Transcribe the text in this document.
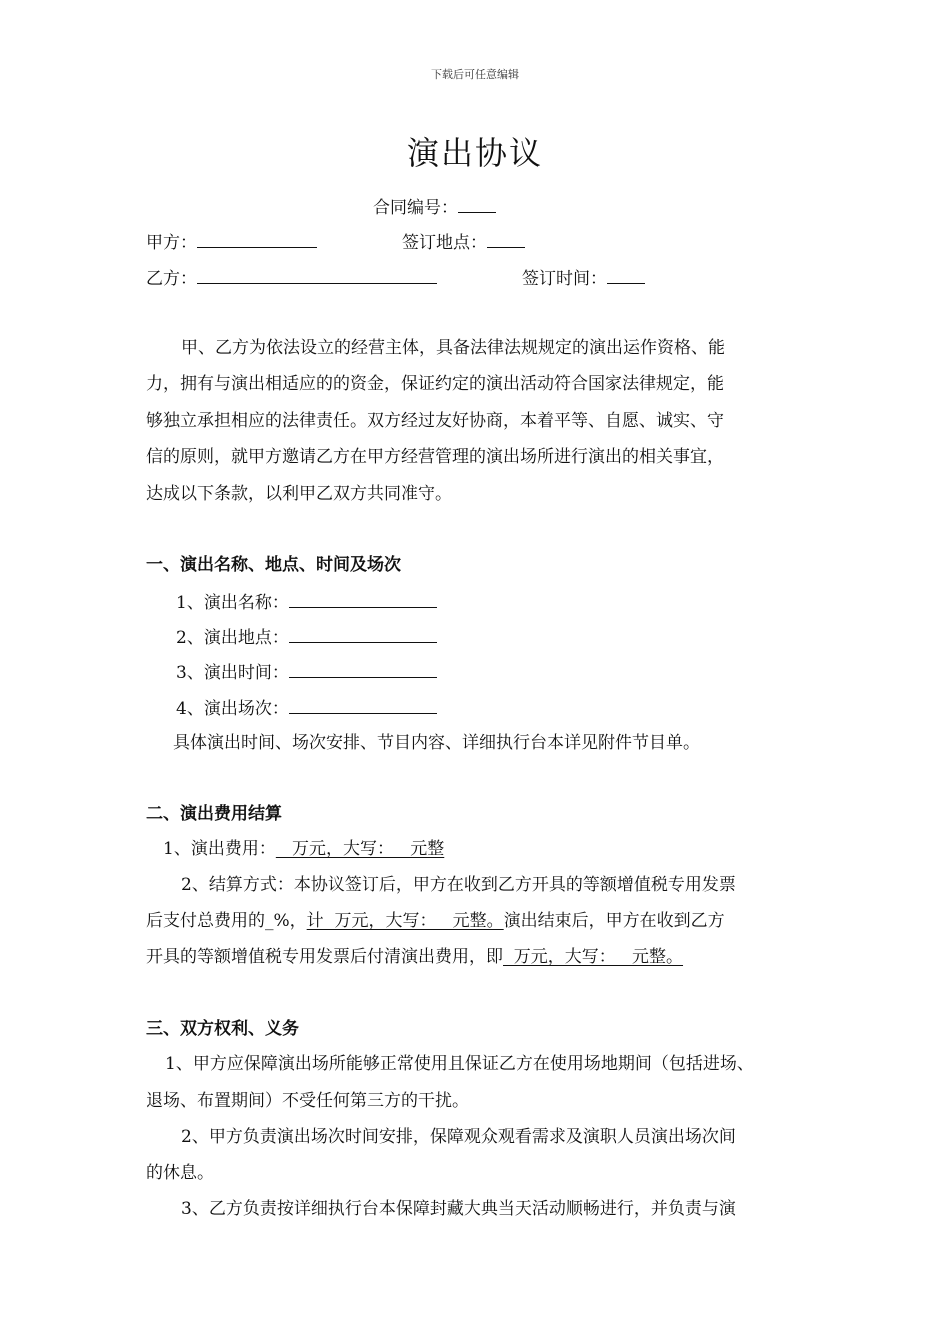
下载后可任意编辑
演出协议
合同编号：
甲方：	签订地点：
乙方：	签订时间：
甲、乙方为依法设立的经营主体，具备法律法规规定的演出运作资格、能
力，拥有与演出相适应的的资金，保证约定的演出活动符合国家法律规定，能
够独立承担相应的法律责任。双方经过友好协商，本着平等、自愿、诚实、守
信的原则，就甲方邀请乙方在甲方经营管理的演出场所进行演出的相关事宜，
达成以下条款，以利甲乙双方共同准守。
一、演出名称、地点、时间及场次
1、演出名称：
2、演出地点：
3、演出时间：
4、演出场次：
具体演出时间、场次安排、节目内容、详细执行台本详见附件节目单。
二、演出费用结算
1、演出费用：   万元，大写：   元整
2、结算方式：本协议签订后，甲方在收到乙方开具的等额增值税专用发票
后支付总费用的_%，计  万元，大写：   元整。演出结束后，甲方在收到乙方
开具的等额增值税专用发票后付清演出费用，即  万元，大写：   元整。
三、双方权利、义务
1、甲方应保障演出场所能够正常使用且保证乙方在使用场地期间（包括进场、
退场、布置期间）不受任何第三方的干扰。
2、甲方负责演出场次时间安排，保障观众观看需求及演职人员演出场次间
的休息。
3、乙方负责按详细执行台本保障封藏大典当天活动顺畅进行，并负责与演
